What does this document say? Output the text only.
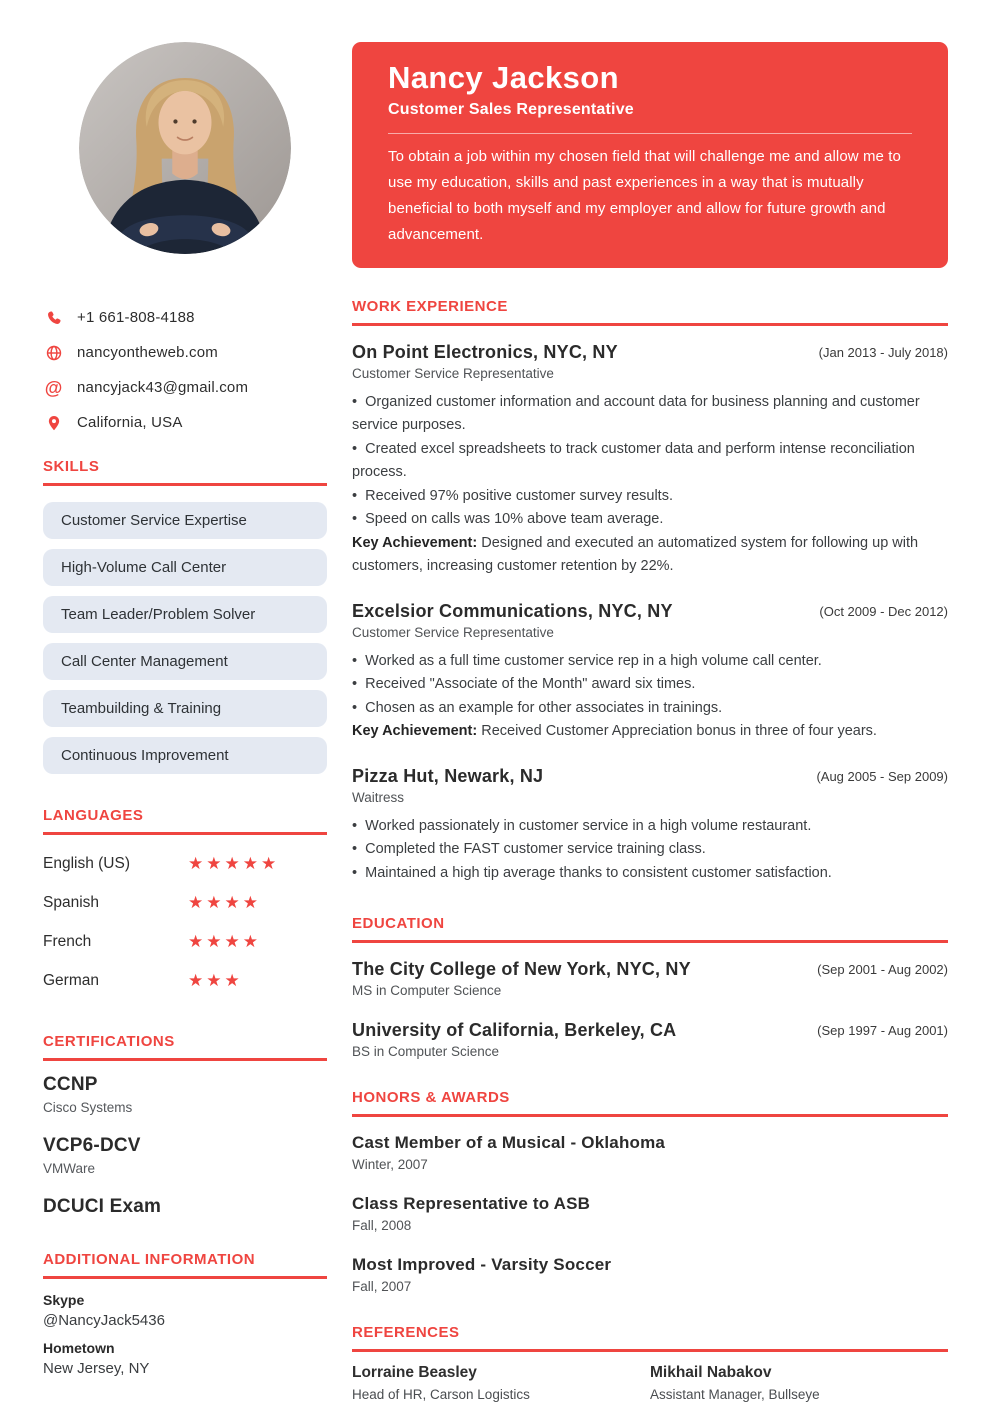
+1 661-808-4188
nancyontheweb.com
@ nancyjack43@gmail.com
California, USA
SKILLS
Customer Service Expertise
High-Volume Call Center
Team Leader/Problem Solver
Call Center Management
Teambuilding & Training
Continuous Improvement
LANGUAGES
English (US)	★★★★★
Spanish	★★★★
French	★★★★
German	★★★
CERTIFICATIONS
CCNP
Cisco Systems
VCP6-DCV
VMWare
DCUCI Exam
ADDITIONAL INFORMATION
Skype
@NancyJack5436
Hometown
New Jersey, NY
Nancy Jackson
Customer Sales Representative
To obtain a job within my chosen field that will challenge me and allow me to use my education, skills and past experiences in a way that is mutually beneficial to both myself and my employer and allow for future growth and advancement.
WORK EXPERIENCE
On Point Electronics, NYC, NY	(Jan 2013 - July 2018)
Customer Service Representative
•  Organized customer information and account data for business planning and customer service purposes.
•  Created excel spreadsheets to track customer data and perform intense reconciliation process.
•  Received 97% positive customer survey results.
•  Speed on calls was 10% above team average.
Key Achievement: Designed and executed an automatized system for following up with customers, increasing customer retention by 22%.
Excelsior Communications, NYC, NY	(Oct 2009 - Dec 2012)
Customer Service Representative
•  Worked as a full time customer service rep in a high volume call center.
•  Received "Associate of the Month" award six times.
•  Chosen as an example for other associates in trainings.
Key Achievement: Received Customer Appreciation bonus in three of four years.
Pizza Hut, Newark, NJ	(Aug 2005 - Sep 2009)
Waitress
•  Worked passionately in customer service in a high volume restaurant.
•  Completed the FAST customer service training class.
•  Maintained a high tip average thanks to consistent customer satisfaction.
EDUCATION
The City College of New York, NYC, NY	(Sep 2001 - Aug 2002)
MS in Computer Science
University of California, Berkeley, CA	(Sep 1997 - Aug 2001)
BS in Computer Science
HONORS & AWARDS
Cast Member of a Musical - Oklahoma
Winter, 2007
Class Representative to ASB
Fall, 2008
Most Improved - Varsity Soccer
Fall, 2007
REFERENCES
Lorraine Beasley
Head of HR, Carson Logistics
Mikhail Nabakov
Assistant Manager, Bullseye
